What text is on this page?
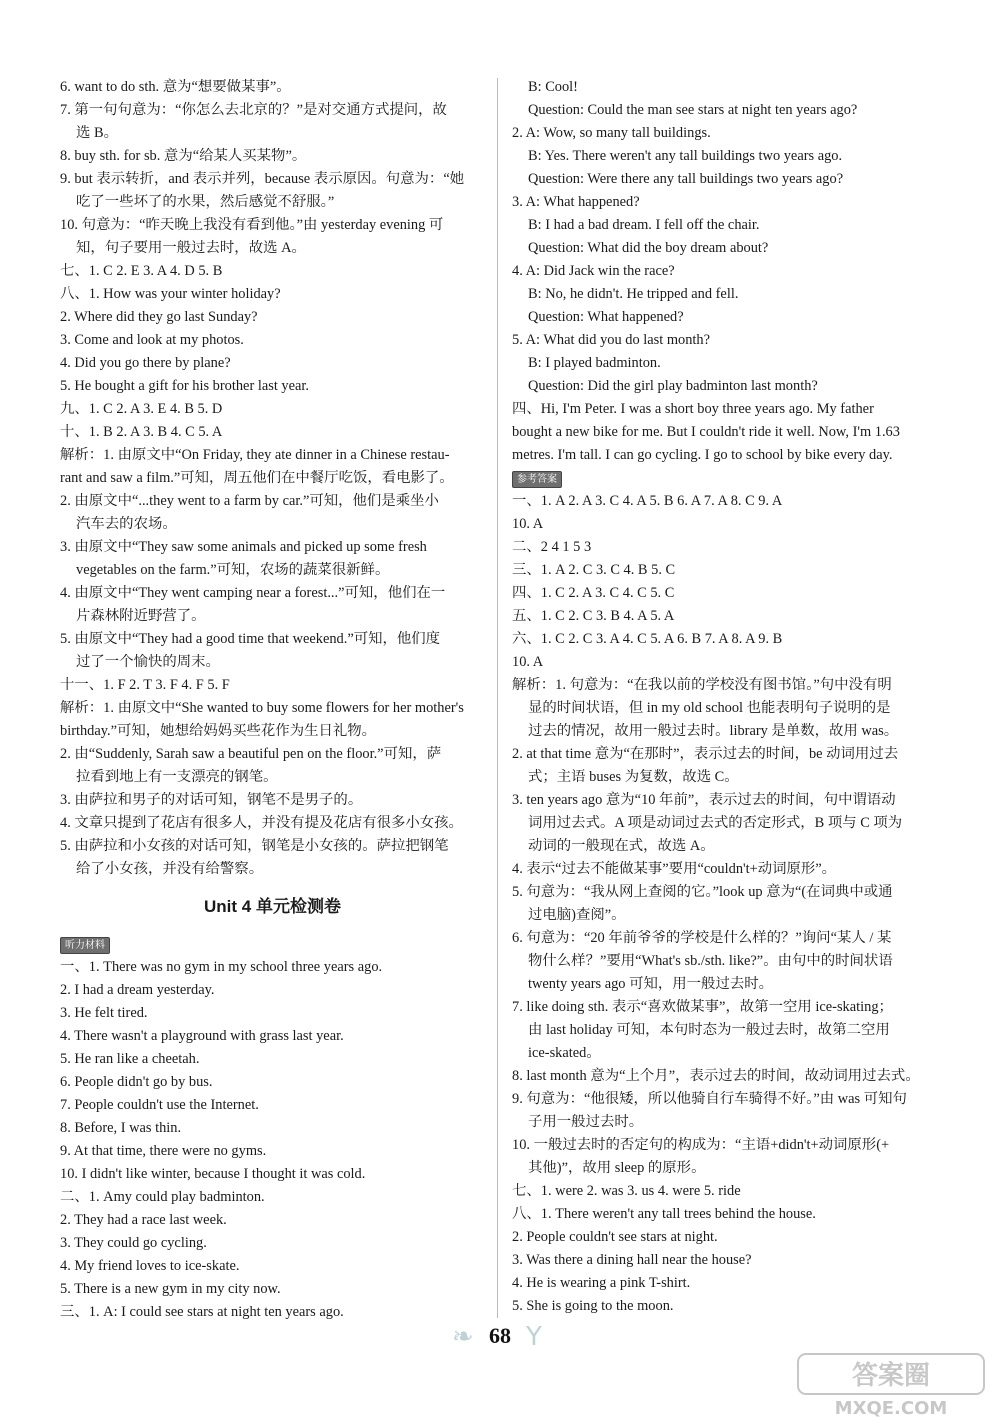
6. want to do sth. 意为“想要做某事”。
7. 第一句句意为：“你怎么去北京的？”是对交通方式提问，故
选 B。
8. buy sth. for sb. 意为“给某人买某物”。
9. but 表示转折，and 表示并列，because 表示原因。句意为：“她
吃了一些坏了的水果，然后感觉不舒服。”
10. 句意为：“昨天晚上我没有看到他。”由 yesterday evening 可
知，句子要用一般过去时，故选 A。
七、1. C 2. E 3. A 4. D 5. B
八、1. How was your winter holiday?
2. Where did they go last Sunday?
3. Come and look at my photos.
4. Did you go there by plane?
5. He bought a gift for his brother last year.
九、1. C 2. A 3. E 4. B 5. D
十、1. B 2. A 3. B 4. C 5. A
解析：1. 由原文中“On Friday, they ate dinner in a Chinese restau-
rant and saw a film.”可知，周五他们在中餐厅吃饭，看电影了。
2. 由原文中“...they went to a farm by car.”可知，他们是乘坐小
汽车去的农场。
3. 由原文中“They saw some animals and picked up some fresh
vegetables on the farm.”可知，农场的蔬菜很新鲜。
4. 由原文中“They went camping near a forest...”可知，他们在一
片森林附近野营了。
5. 由原文中“They had a good time that weekend.”可知，他们度
过了一个愉快的周末。
十一、1. F 2. T 3. F 4. F 5. F
解析：1. 由原文中“She wanted to buy some flowers for her mother's
birthday.”可知，她想给妈妈买些花作为生日礼物。
2. 由“Suddenly, Sarah saw a beautiful pen on the floor.”可知，萨
拉看到地上有一支漂亮的钢笔。
3. 由萨拉和男子的对话可知，钢笔不是男子的。
4. 文章只提到了花店有很多人，并没有提及花店有很多小女孩。
5. 由萨拉和小女孩的对话可知，钢笔是小女孩的。萨拉把钢笔
给了小女孩，并没有给警察。
Unit 4 单元检测卷
听力材料
一、1. There was no gym in my school three years ago.
2. I had a dream yesterday.
3. He felt tired.
4. There wasn't a playground with grass last year.
5. He ran like a cheetah.
6. People didn't go by bus.
7. People couldn't use the Internet.
8. Before, I was thin.
9. At that time, there were no gyms.
10. I didn't like winter, because I thought it was cold.
二、1. Amy could play badminton.
2. They had a race last week.
3. They could go cycling.
4. My friend loves to ice-skate.
5. There is a new gym in my city now.
三、1. A: I could see stars at night ten years ago.
B: Cool!
Question: Could the man see stars at night ten years ago?
2. A: Wow, so many tall buildings.
B: Yes. There weren't any tall buildings two years ago.
Question: Were there any tall buildings two years ago?
3. A: What happened?
B: I had a bad dream. I fell off the chair.
Question: What did the boy dream about?
4. A: Did Jack win the race?
B: No, he didn't. He tripped and fell.
Question: What happened?
5. A: What did you do last month?
B: I played badminton.
Question: Did the girl play badminton last month?
四、Hi, I'm Peter. I was a short boy three years ago. My father
bought a new bike for me. But I couldn't ride it well. Now, I'm 1.63
metres. I'm tall. I can go cycling. I go to school by bike every day.
参考答案
一、1. A 2. A 3. C 4. A 5. B 6. A 7. A 8. C 9. A
10. A
二、2 4 1 5 3
三、1. A 2. C 3. C 4. B 5. C
四、1. C 2. A 3. C 4. C 5. C
五、1. C 2. C 3. B 4. A 5. A
六、1. C 2. C 3. A 4. C 5. A 6. B 7. A 8. A 9. B
10. A
解析：1. 句意为：“在我以前的学校没有图书馆。”句中没有明
显的时间状语，但 in my old school 也能表明句子说明的是
过去的情况，故用一般过去时。library 是单数，故用 was。
2. at that time 意为“在那时”，表示过去的时间，be 动词用过去
式；主语 buses 为复数，故选 C。
3. ten years ago 意为“10 年前”，表示过去的时间，句中谓语动
词用过去式。A 项是动词过去式的否定形式，B 项与 C 项为
动词的一般现在式，故选 A。
4. 表示“过去不能做某事”要用“couldn't+动词原形”。
5. 句意为：“我从网上查阅的它。”look up 意为“(在词典中或通
过电脑)查阅”。
6. 句意为：“20 年前爷爷的学校是什么样的？”询问“某人 / 某
物什么样？”要用“What's sb./sth. like?”。由句中的时间状语
twenty years ago 可知，用一般过去时。
7. like doing sth. 表示“喜欢做某事”，故第一空用 ice-skating；
由 last holiday 可知，本句时态为一般过去时，故第二空用
ice-skated。
8. last month 意为“上个月”，表示过去的时间，故动词用过去式。
9. 句意为：“他很矮，所以他骑自行车骑得不好。”由 was 可知句
子用一般过去时。
10. 一般过去时的否定句的构成为：“主语+didn't+动词原形(+
其他)”，故用 sleep 的原形。
七、1. were 2. was 3. us 4. were 5. ride
八、1. There weren't any tall trees behind the house.
2. People couldn't see stars at night.
3. Was there a dining hall near the house?
4. He is wearing a pink T-shirt.
5. She is going to the moon.
❧ 68 Y
答案圈
MXQE.COM
